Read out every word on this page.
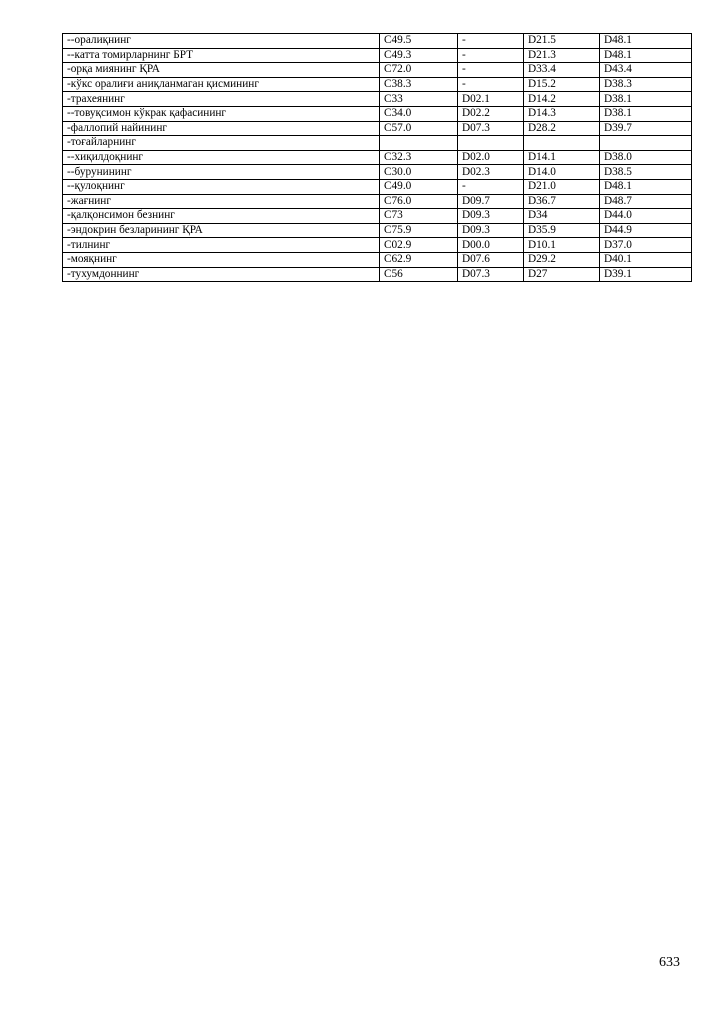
--оралиқнинг	C49.5	-	D21.5	D48.1
--катта томирларнинг БРТ	C49.3	-	D21.3	D48.1
-орқа миянинг ҚРА	C72.0	-	D33.4	D43.4
-кўкс оралиғи аниқланмаган қисмининг	C38.3	-	D15.2	D38.3
-трахеянинг	C33	D02.1	D14.2	D38.1
--товуқсимон кўкрак қафасининг	C34.0	D02.2	D14.3	D38.1
-фаллопий найининг	C57.0	D07.3	D28.2	D39.7
-тоғайларнинг				
--хиқилдоқнинг	C32.3	D02.0	D14.1	D38.0
--бурунининг	C30.0	D02.3	D14.0	D38.5
--қулоқнинг	C49.0	-	D21.0	D48.1
-жағнинг	C76.0	D09.7	D36.7	D48.7
-қалқонсимон безнинг	C73	D09.3	D34	D44.0
-эндокрин безларининг ҚРА	C75.9	D09.3	D35.9	D44.9
-тилнинг	C02.9	D00.0	D10.1	D37.0
-мояқнинг	C62.9	D07.6	D29.2	D40.1
-тухумдоннинг	C56	D07.3	D27	D39.1
633
